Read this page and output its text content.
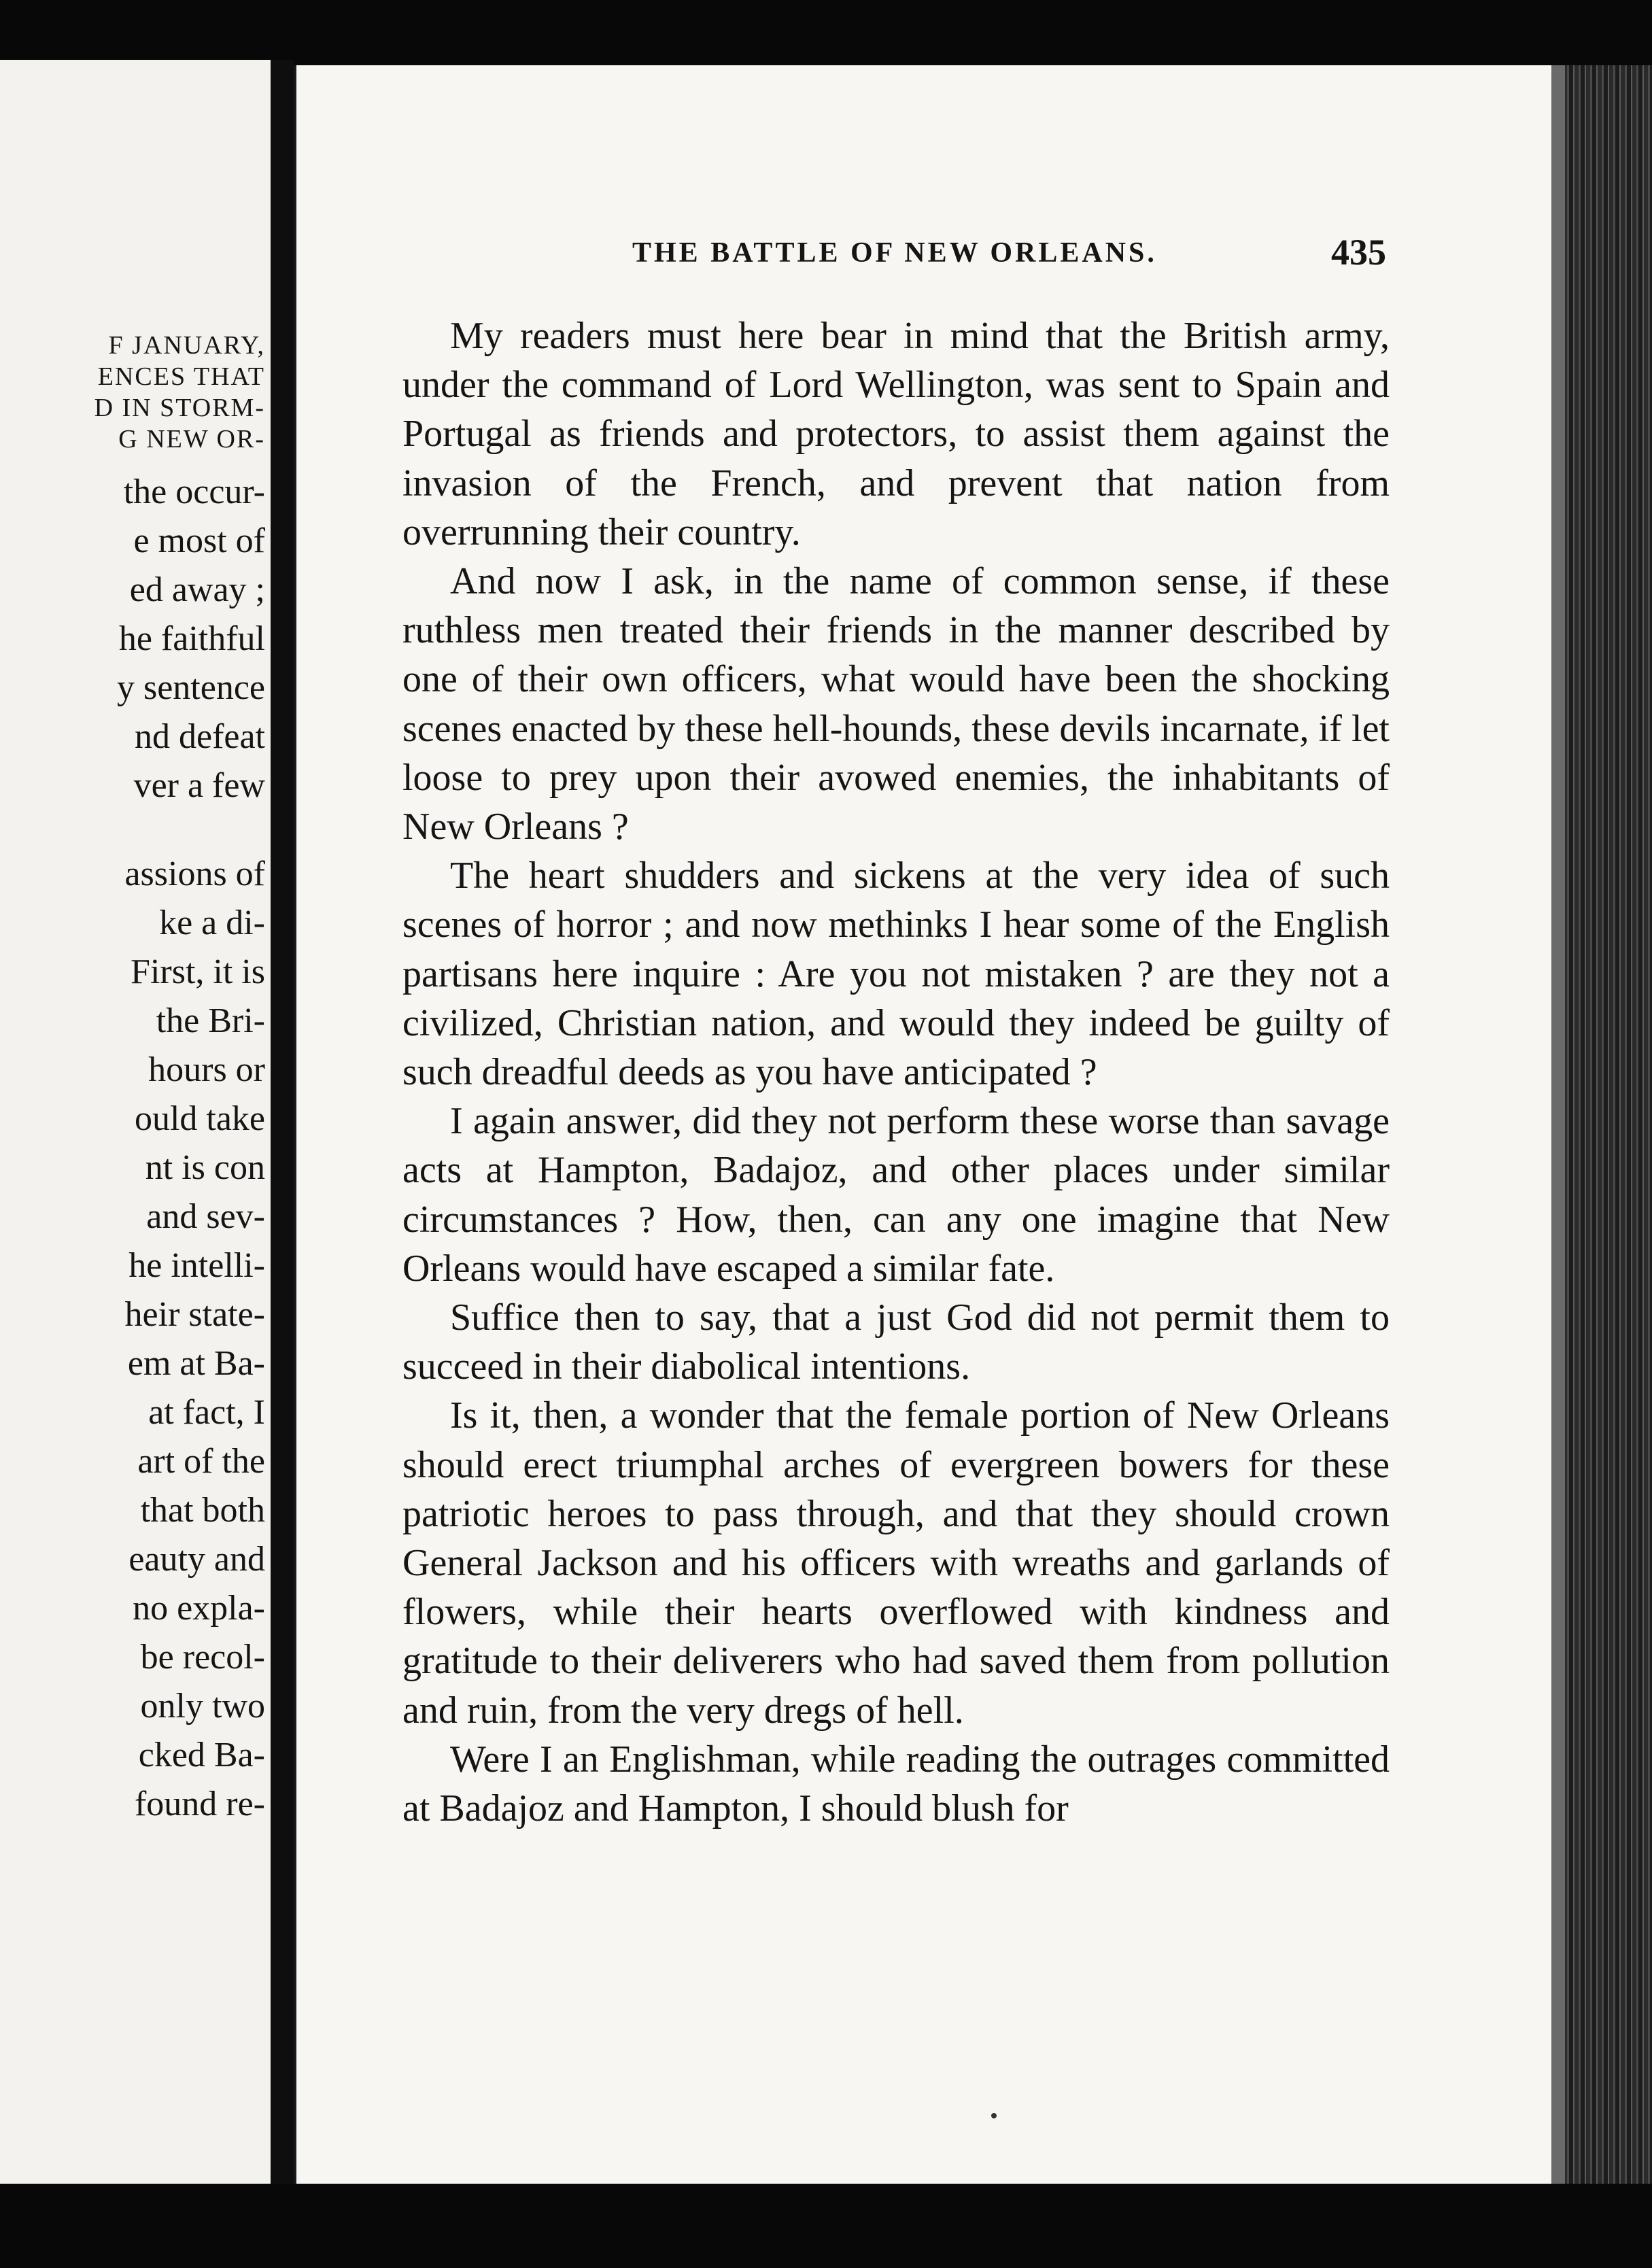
F JANUARY,
ENCES THAT
D IN STORM-
G NEW OR-
the occur-
e most of
ed away ;
he faithful
y sentence
nd defeat
ver a few
assions of
ke a di-
First, it is
the Bri-
hours or
ould take
nt is con
and sev-
he intelli-
heir state-
em at Ba-
at fact, I
art of the
that both
eauty and
no expla-
be recol-
only two
cked Ba-
found re-
THE BATTLE OF NEW ORLEANS.	435

My readers must here bear in mind that the British army, under the command of Lord Wellington, was sent to Spain and Portugal as friends and protectors, to assist them against the invasion of the French, and prevent that nation from overrunning their country.

And now I ask, in the name of common sense, if these ruthless men treated their friends in the manner described by one of their own officers, what would have been the shocking scenes enacted by these hell-hounds, these devils incarnate, if let loose to prey upon their avowed enemies, the inhabitants of New Orleans ?

The heart shudders and sickens at the very idea of such scenes of horror ; and now methinks I hear some of the English partisans here inquire : Are you not mistaken ? are they not a civilized, Christian nation, and would they indeed be guilty of such dreadful deeds as you have anticipated ?

I again answer, did they not perform these worse than savage acts at Hampton, Badajoz, and other places under similar circumstances ? How, then, can any one imagine that New Orleans would have escaped a similar fate.

Suffice then to say, that a just God did not permit them to succeed in their diabolical intentions.

Is it, then, a wonder that the female portion of New Orleans should erect triumphal arches of evergreen bowers for these patriotic heroes to pass through, and that they should crown General Jackson and his officers with wreaths and garlands of flowers, while their hearts overflowed with kindness and gratitude to their deliverers who had saved them from pollution and ruin, from the very dregs of hell.

Were I an Englishman, while reading the outrages committed at Badajoz and Hampton, I should blush for
